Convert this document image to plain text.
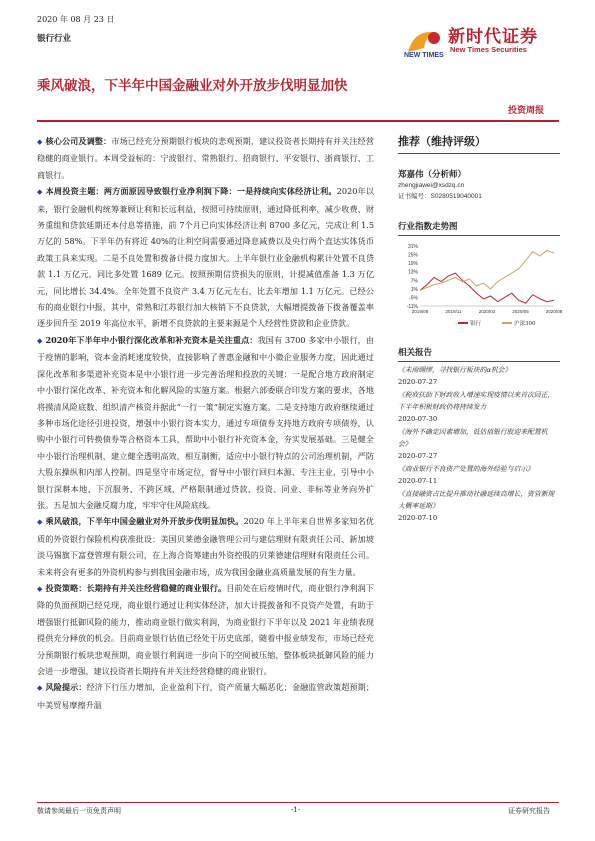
2020 年 08 月 23 日
银行行业
NEW TIMES
新时代证券
New Times Securities
乘风破浪，下半年中国金融业对外开放步伐明显加快
投资周报

◆ 核心公司及调整：市场已经充分预期银行板块的悲观预期，建议投资者长期持有并关注经营稳健的商业银行。本周受益标的：宁波银行、常熟银行、招商银行、平安银行、浙商银行、工商银行。

◆ 本周投资主题：两方面原因导致银行业净利润下降：一是持续向实体经济让利。2020年以来，银行金融机构统筹兼顾让利和长远利益，按照可持续原则，通过降低利率，减少收费、财务重组和贷款延期还本付息等措施，前 7个月已向实体经济让利 8700 多亿元，完成让利 1.5 万亿的 58%。下半年仍有将近 40%的让利空间需要通过降息减费以及央行两个直达实体货币政策工具来实现。二是不良处置和拨备计提力度加大。上半年银行业金融机构累计处置不良贷款 1.1 万亿元，同比多处置 1689 亿元。按照预期信贷损失的原则，计提减值准备 1.3 万亿元，同比增长 34.4%。全年处置不良资产 3.4 万亿元左右，比去年增加 1.1 万亿元。已经公布的商业银行中报，其中，常熟和江苏银行加大核销下不良贷款，大幅增提拨备下拨备覆盖率逐步回升至 2019 年高位水平，新增不良贷款的主要来源是个人经营性贷款和企业贷款。

◆ 2020年下半年中小银行深化改革和补充资本是关注重点：我国有 3700 多家中小银行，由于疫情的影响，资本金消耗速度较快，直接影响了普惠金融和中小微企业服务力度，因此通过深化改革和多渠道补充资本是中小银行进一步完善治理和投放的关键：一是配合地方政府制定中小银行深化改革、补充资本和化解风险的实施方案。根据六部委联合印发方案的要求，各地将摸清风险底数、组织清产核资并据此“一行一策”制定实施方案。二是支持地方政府继续通过多种市场化途径引进投资，增强中小银行资本实力，通过专项债券支持地方政府专项债券，认购中小银行可转换债券等合格资本工具，帮助中小银行补充资本金，夯实发展基础。三是健全中小银行治理机制，建立健全透明高效，相互制衡，适应中小银行特点的公司治理机制，严防大股东操纵和内部人控制。四是坚守市场定位，督导中小银行回归本源、专注主业，引导中小银行深耕本地、下沉服务、不跨区域，严格限制通过贷款、投资、同业、非标等业务向外扩张。五是加大金融反腐力度，牢牢守住风险底线。

◆ 乘风破浪，下半年中国金融业对外开放步伐明显加快。2020 年上半年来自世界多家知名优质的外资银行保险机构获准批设：美国贝莱德金融管理公司与建信理财有限责任公司、新加坡淡马锡旗下富登管理有限公司，在上海合资筹建由外资控股的贝莱德建信理财有限责任公司。未来将会有更多的外资机构参与到我国金融市场，成为我国金融业高质量发展的有生力量。

◆ 投资策略：长期持有并关注经营稳健的商业银行。目前处在后疫情时代，商业银行净利润下降的负面预期已经兑现，商业银行通过让利实体经济，加大计提拨备和不良资产处置，有助于增强银行抵御风险的能力，推动商业银行做实利润，为商业银行下半年以及 2021 年业绩表现提供充分释放的机会。目前商业银行估值已经处于历史底部，随着中报业绩发布，市场已经充分预期银行板块悲观预期，商业银行利润进一步向下的空间被压缩，整体板块抵御风险的能力会进一步增强，建议投资者长期持有并关注经营稳健的商业银行。

◆ 风险提示：经济下行压力增加，企业盈利下行，资产质量大幅恶化；金融监管政策超预期；中美贸易摩擦升温

推荐（维持评级）
郑嘉伟（分析师）
zhengjiawei@xsdzq.cn
证书编号：S0280519040001
行业指数走势图
31%
25%
19%
13%
7%
1%
-5%
-11%
2019/08	2019/11	2020/02	2020/05	2020/08
银行	沪深300
相关报告
《未雨绸缪，寻找银行板块的α机会》
2020-07-27
《税收扶助下财政收入增速实现疫情以来首次回正，下半年积极财政仍将持续发力
2020-07-30
《海外不确定因素增加，低估值银行股迎来配置机会》
2020-07-27
《商业银行不良资产处置的海外经验与启示》
2020-07-11
《直接融资占比提升推动社融延续高增长，资管新规大概率延期》
2020-07-10
敬请参阅最后一页免责声明	-1-	证券研究报告
